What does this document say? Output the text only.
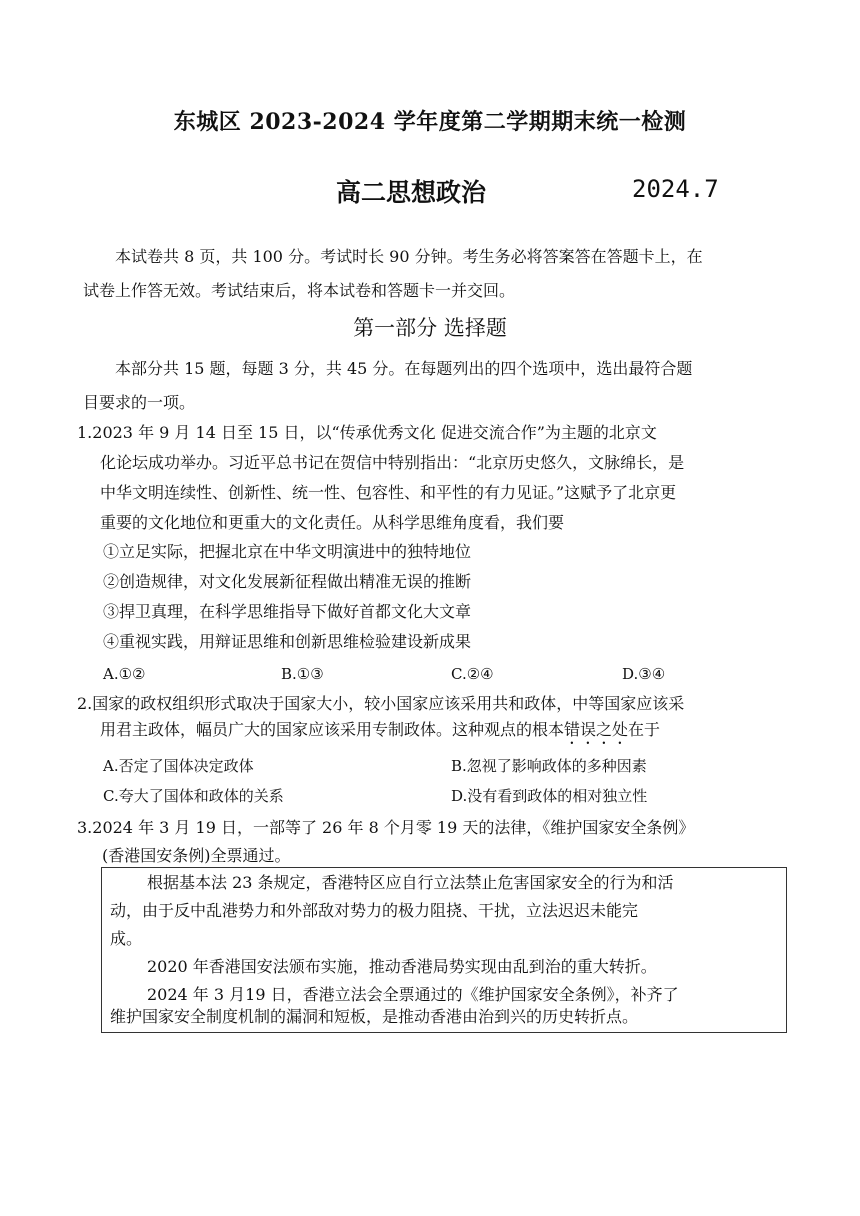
东城区 2023-2024 学年度第二学期期末统一检测
高二思想政治	2024.7
本试卷共 8 页，共 100 分。考试时长 90 分钟。考生务必将答案答在答题卡上，在
试卷上作答无效。考试结束后，将本试卷和答题卡一并交回。
第一部分 选择题
本部分共 15 题，每题 3 分，共 45 分。在每题列出的四个选项中，选出最符合题
目要求的一项。
1.2023 年 9 月 14 日至 15 日，以“传承优秀文化 促进交流合作”为主题的北京文
化论坛成功举办。习近平总书记在贺信中特别指出：“北京历史悠久，文脉绵长，是
中华文明连续性、创新性、统一性、包容性、和平性的有力见证。”这赋予了北京更
重要的文化地位和更重大的文化责任。从科学思维角度看，我们要
①立足实际，把握北京在中华文明演进中的独特地位
②创造规律，对文化发展新征程做出精准无误的推断
③捍卫真理，在科学思维指导下做好首都文化大文章
④重视实践，用辩证思维和创新思维检验建设新成果
A.①②	B.①③	C.②④	D.③④
2.国家的政权组织形式取决于国家大小，较小国家应该采用共和政体，中等国家应该采
用君主政体，幅员广大的国家应该采用专制政体。这种观点的根本错误之处在于
A.否定了国体决定政体	B.忽视了影响政体的多种因素
C.夸大了国体和政体的关系	D.没有看到政体的相对独立性
3.2024 年 3 月 19 日，一部等了 26 年 8 个月零 19 天的法律，《维护国家安全条例》
(香港国安条例)全票通过。
根据基本法 23 条规定，香港特区应自行立法禁止危害国家安全的行为和活
动，由于反中乱港势力和外部敌对势力的极力阻挠、干扰，立法迟迟未能完
成。
2020 年香港国安法颁布实施，推动香港局势实现由乱到治的重大转折。
2024 年 3 月19 日，香港立法会全票通过的《维护国家安全条例》，补齐了
维护国家安全制度机制的漏洞和短板，是推动香港由治到兴的历史转折点。
